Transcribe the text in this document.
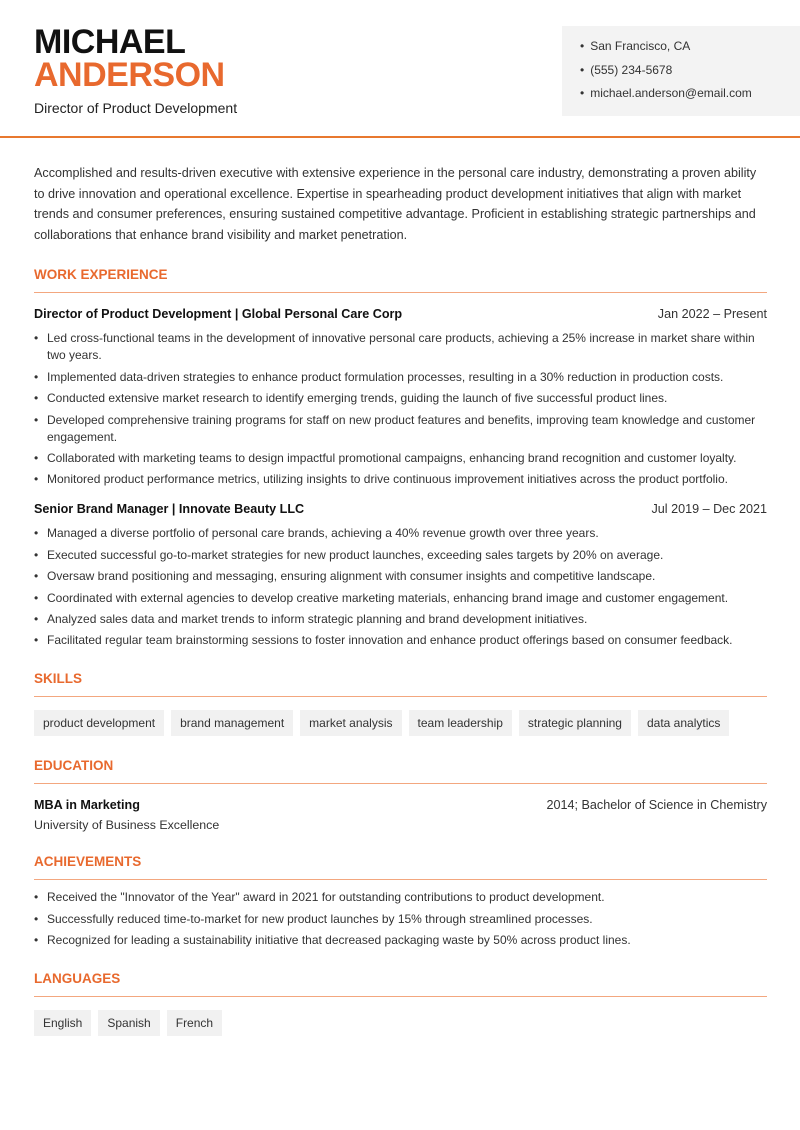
MICHAEL
ANDERSON
Director of Product Development
• San Francisco, CA
• (555) 234-5678
• michael.anderson@email.com

Accomplished and results-driven executive with extensive experience in the personal care industry, demonstrating a proven ability to drive innovation and operational excellence. Expertise in spearheading product development initiatives that align with market trends and consumer preferences, ensuring sustained competitive advantage. Proficient in establishing strategic partnerships and collaborations that enhance brand visibility and market penetration.

WORK EXPERIENCE
Director of Product Development | Global Personal Care Corp	Jan 2022 – Present
• Led cross-functional teams in the development of innovative personal care products, achieving a 25% increase in market share within two years.
• Implemented data-driven strategies to enhance product formulation processes, resulting in a 30% reduction in production costs.
• Conducted extensive market research to identify emerging trends, guiding the launch of five successful product lines.
• Developed comprehensive training programs for staff on new product features and benefits, improving team knowledge and customer engagement.
• Collaborated with marketing teams to design impactful promotional campaigns, enhancing brand recognition and customer loyalty.
• Monitored product performance metrics, utilizing insights to drive continuous improvement initiatives across the product portfolio.
Senior Brand Manager | Innovate Beauty LLC	Jul 2019 – Dec 2021
• Managed a diverse portfolio of personal care brands, achieving a 40% revenue growth over three years.
• Executed successful go-to-market strategies for new product launches, exceeding sales targets by 20% on average.
• Oversaw brand positioning and messaging, ensuring alignment with consumer insights and competitive landscape.
• Coordinated with external agencies to develop creative marketing materials, enhancing brand image and customer engagement.
• Analyzed sales data and market trends to inform strategic planning and brand development initiatives.
• Facilitated regular team brainstorming sessions to foster innovation and enhance product offerings based on consumer feedback.
SKILLS
product development	brand management	market analysis	team leadership	strategic planning	data analytics
EDUCATION
MBA in Marketing	2014; Bachelor of Science in Chemistry
University of Business Excellence
ACHIEVEMENTS
• Received the "Innovator of the Year" award in 2021 for outstanding contributions to product development.
• Successfully reduced time-to-market for new product launches by 15% through streamlined processes.
• Recognized for leading a sustainability initiative that decreased packaging waste by 50% across product lines.
LANGUAGES
English	Spanish	French
